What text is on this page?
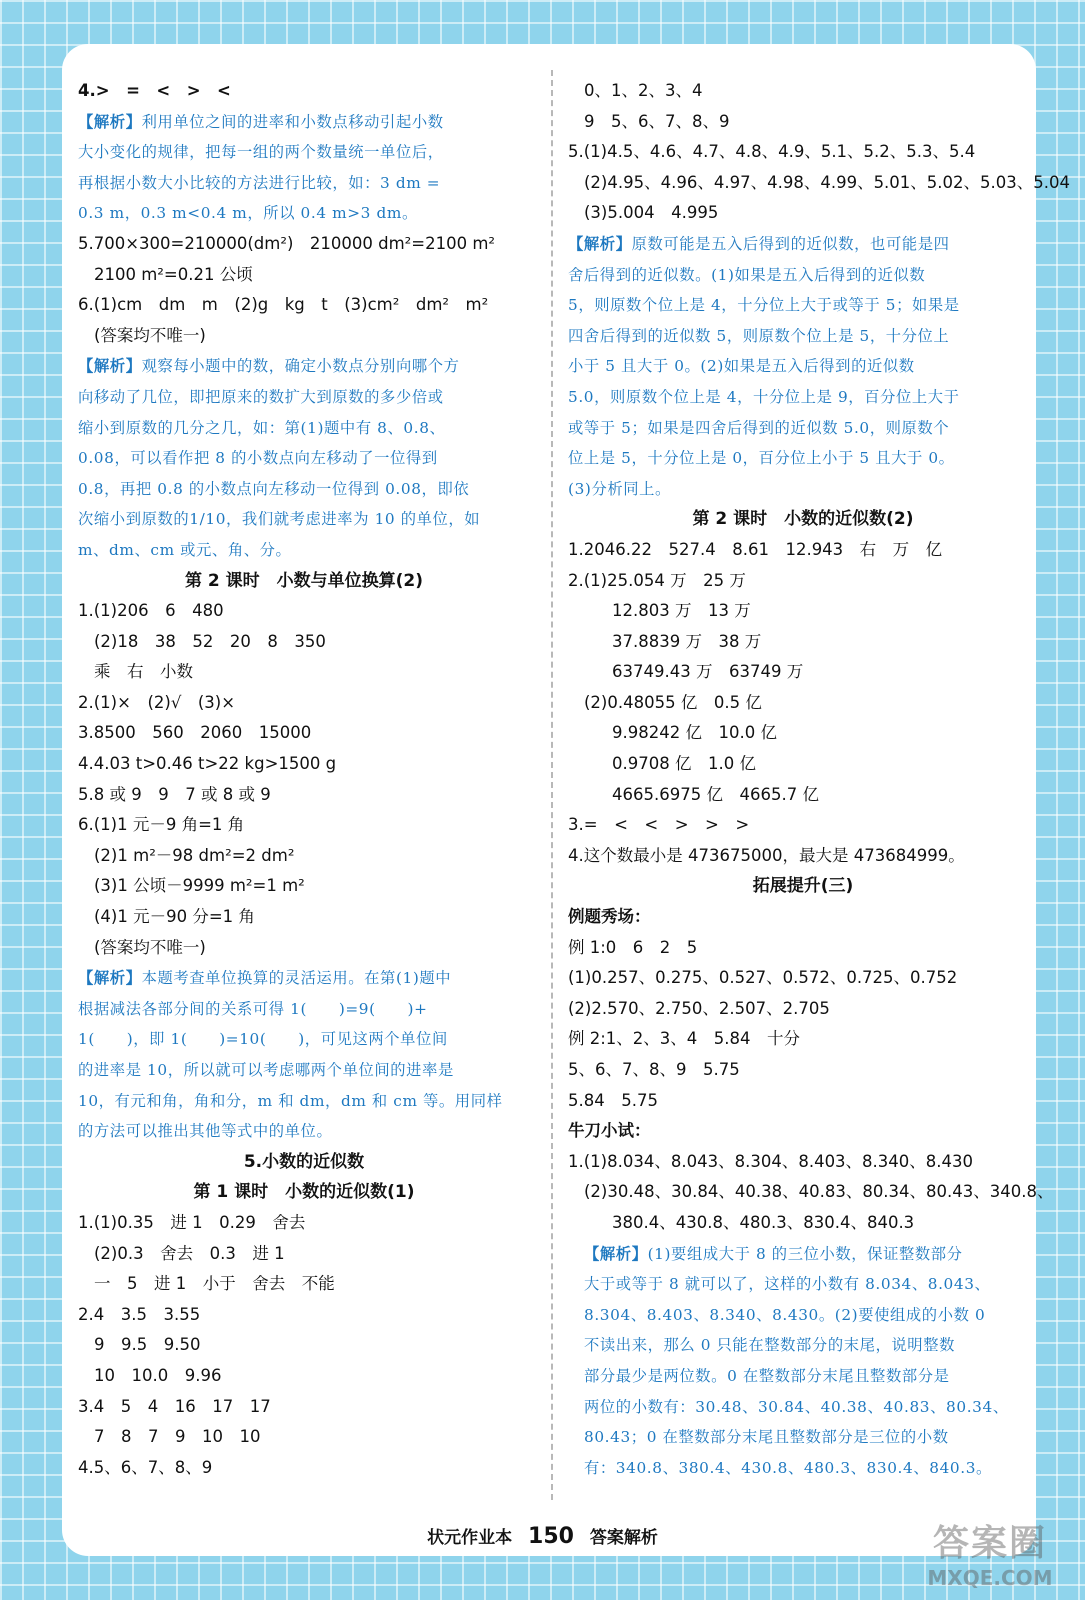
4.>　=　<　>　<
【解析】利用单位之间的进率和小数点移动引起小数
大小变化的规律，把每一组的两个数量统一单位后，
再根据小数大小比较的方法进行比较，如：3 dm =
0.3 m，0.3 m<0.4 m，所以 0.4 m>3 dm。
5.700×300=210000(dm²)　210000 dm²=2100 m²
2100 m²=0.21 公顷
6.(1)cm　dm　m　(2)g　kg　t　(3)cm²　dm²　m²
(答案均不唯一)
【解析】观察每小题中的数，确定小数点分别向哪个方
向移动了几位，即把原来的数扩大到原数的多少倍或
缩小到原数的几分之几，如：第(1)题中有 8、0.8、
0.08，可以看作把 8 的小数点向左移动了一位得到
0.8，再把 0.8 的小数点向左移动一位得到 0.08，即依
次缩小到原数的1/10，我们就考虑进率为 10 的单位，如
m、dm、cm 或元、角、分。
第 2 课时　小数与单位换算(2)
1.(1)206　6　480
(2)18　38　52　20　8　350
乘　右　小数
2.(1)×　(2)√　(3)×
3.8500　560　2060　15000
4.4.03 t>0.46 t>22 kg>1500 g
5.8 或 9　9　7 或 8 或 9
6.(1)1 元－9 角=1 角
(2)1 m²－98 dm²=2 dm²
(3)1 公顷－9999 m²=1 m²
(4)1 元－90 分=1 角
(答案均不唯一)
【解析】本题考查单位换算的灵活运用。在第(1)题中
根据减法各部分间的关系可得 1(　　)=9(　　)+
1(　　)，即 1(　　)=10(　　)，可见这两个单位间
的进率是 10，所以就可以考虑哪两个单位间的进率是
10，有元和角，角和分，m 和 dm，dm 和 cm 等。用同样
的方法可以推出其他等式中的单位。
5.小数的近似数
第 1 课时　小数的近似数(1)
1.(1)0.35　进 1　0.29　舍去
(2)0.3　舍去　0.3　进 1
一　5　进 1　小于　舍去　不能
2.4　3.5　3.55
9　9.5　9.50
10　10.0　9.96
3.4　5　4　16　17　17
7　8　7　9　10　10
4.5、6、7、8、9
0、1、2、3、4
9　5、6、7、8、9
5.(1)4.5、4.6、4.7、4.8、4.9、5.1、5.2、5.3、5.4
(2)4.95、4.96、4.97、4.98、4.99、5.01、5.02、5.03、5.04
(3)5.004　4.995
【解析】原数可能是五入后得到的近似数，也可能是四
舍后得到的近似数。(1)如果是五入后得到的近似数
5，则原数个位上是 4，十分位上大于或等于 5；如果是
四舍后得到的近似数 5，则原数个位上是 5，十分位上
小于 5 且大于 0。(2)如果是五入后得到的近似数
5.0，则原数个位上是 4，十分位上是 9，百分位上大于
或等于 5；如果是四舍后得到的近似数 5.0，则原数个
位上是 5，十分位上是 0，百分位上小于 5 且大于 0。
(3)分析同上。
第 2 课时　小数的近似数(2)
1.2046.22　527.4　8.61　12.943　右　万　亿
2.(1)25.054 万　25 万
12.803 万　13 万
37.8839 万　38 万
63749.43 万　63749 万
(2)0.48055 亿　0.5 亿
9.98242 亿　10.0 亿
0.9708 亿　1.0 亿
4665.6975 亿　4665.7 亿
3.=　<　<　>　>　>
4.这个数最小是 473675000，最大是 473684999。
拓展提升(三)
例题秀场：
例 1:0　6　2　5
(1)0.257、0.275、0.527、0.572、0.725、0.752
(2)2.570、2.750、2.507、2.705
例 2:1、2、3、4　5.84　十分
5、6、7、8、9　5.75
5.84　5.75
牛刀小试：
1.(1)8.034、8.043、8.304、8.403、8.340、8.430
(2)30.48、30.84、40.38、40.83、80.34、80.43、340.8、
380.4、430.8、480.3、830.4、840.3
【解析】(1)要组成大于 8 的三位小数，保证整数部分
大于或等于 8 就可以了，这样的小数有 8.034、8.043、
8.304、8.403、8.340、8.430。(2)要使组成的小数 0
不读出来，那么 0 只能在整数部分的末尾，说明整数
部分最少是两位数。0 在整数部分末尾且整数部分是
两位的小数有：30.48、30.84、40.38、40.83、80.34、
80.43；0 在整数部分末尾且整数部分是三位的小数
有：340.8、380.4、430.8、480.3、830.4、840.3。
状元作业本 150 答案解析	答案圈
MXQE.COM
